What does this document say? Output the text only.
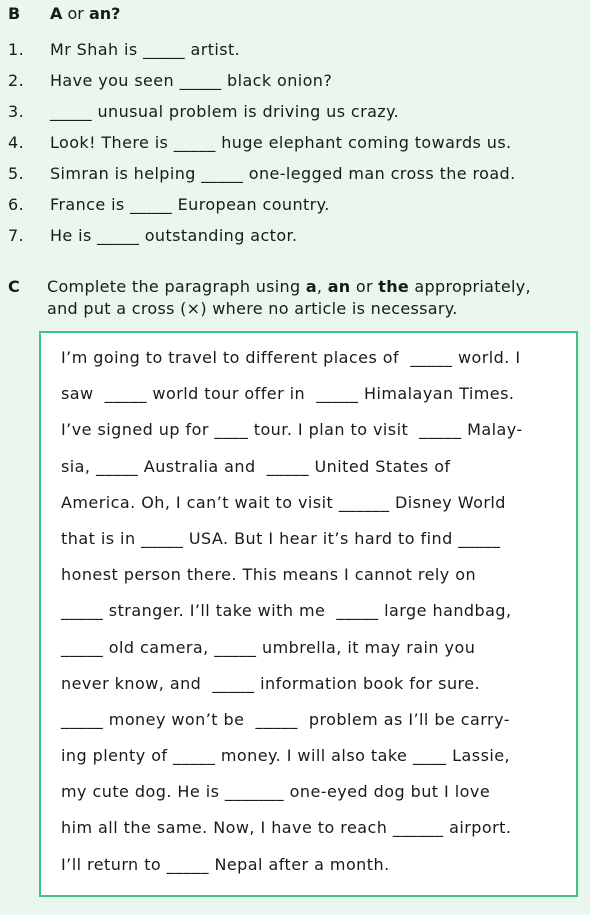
B A or an?
1.	Mr Shah is _____ artist.
2.	Have you seen _____ black onion?
3.	_____ unusual problem is driving us crazy.
4.	Look! There is _____ huge elephant coming towards us.
5.	Simran is helping _____ one-legged man cross the road.
6.	France is _____ European country.
7.	He is _____ outstanding actor.
C Complete the paragraph using a, an or the appropriately,
and put a cross (×) where no article is necessary.
I’m going to travel to different places of  _____ world. I
saw  _____ world tour offer in  _____ Himalayan Times.
I’ve signed up for ____ tour. I plan to visit  _____ Malay-
sia, _____ Australia and  _____ United States of
America. Oh, I can’t wait to visit ______ Disney World
that is in _____ USA. But I hear it’s hard to find _____
honest person there. This means I cannot rely on
_____ stranger. I’ll take with me  _____ large handbag,
_____ old camera, _____ umbrella, it may rain you
never know, and  _____ information book for sure.
_____ money won’t be  _____  problem as I’ll be carry-
ing plenty of _____ money. I will also take ____ Lassie,
my cute dog. He is _______ one-eyed dog but I love
him all the same. Now, I have to reach ______ airport.
I’ll return to _____ Nepal after a month.
